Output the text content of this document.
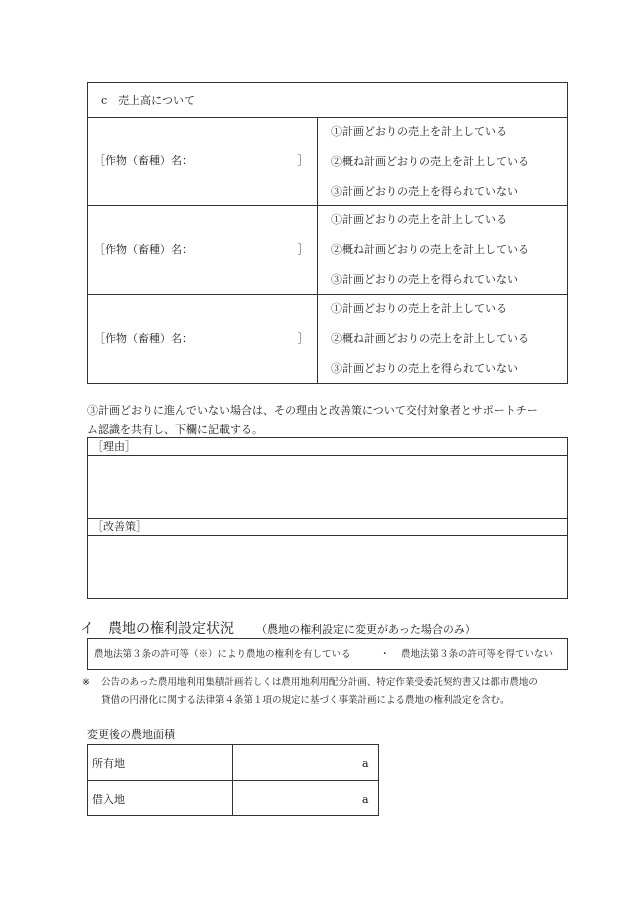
c　売上高について
［作物（畜種）名：　　　　　　　　　　］
①計画どおりの売上を計上している
②概ね計画どおりの売上を計上している
③計画どおりの売上を得られていない
［作物（畜種）名：　　　　　　　　　　］
①計画どおりの売上を計上している
②概ね計画どおりの売上を計上している
③計画どおりの売上を得られていない
［作物（畜種）名：　　　　　　　　　　］
①計画どおりの売上を計上している
②概ね計画どおりの売上を計上している
③計画どおりの売上を得られていない
③計画どおりに進んでいない場合は、その理由と改善策について交付対象者とサポートチー
ム認識を共有し、下欄に記載する。
［理由］
［改善策］
イ 農地の権利設定状況 （農地の権利設定に変更があった場合のみ）
農地法第３条の許可等（※）により農地の権利を有している	・ 農地法第３条の許可等を得ていない
※ 公告のあった農用地利用集積計画若しくは農用地利用配分計画、特定作業受委託契約書又は都市農地の
貸借の円滑化に関する法律第４条第１項の規定に基づく事業計画による農地の権利設定を含む。
変更後の農地面積
所有地	a
借入地	a
